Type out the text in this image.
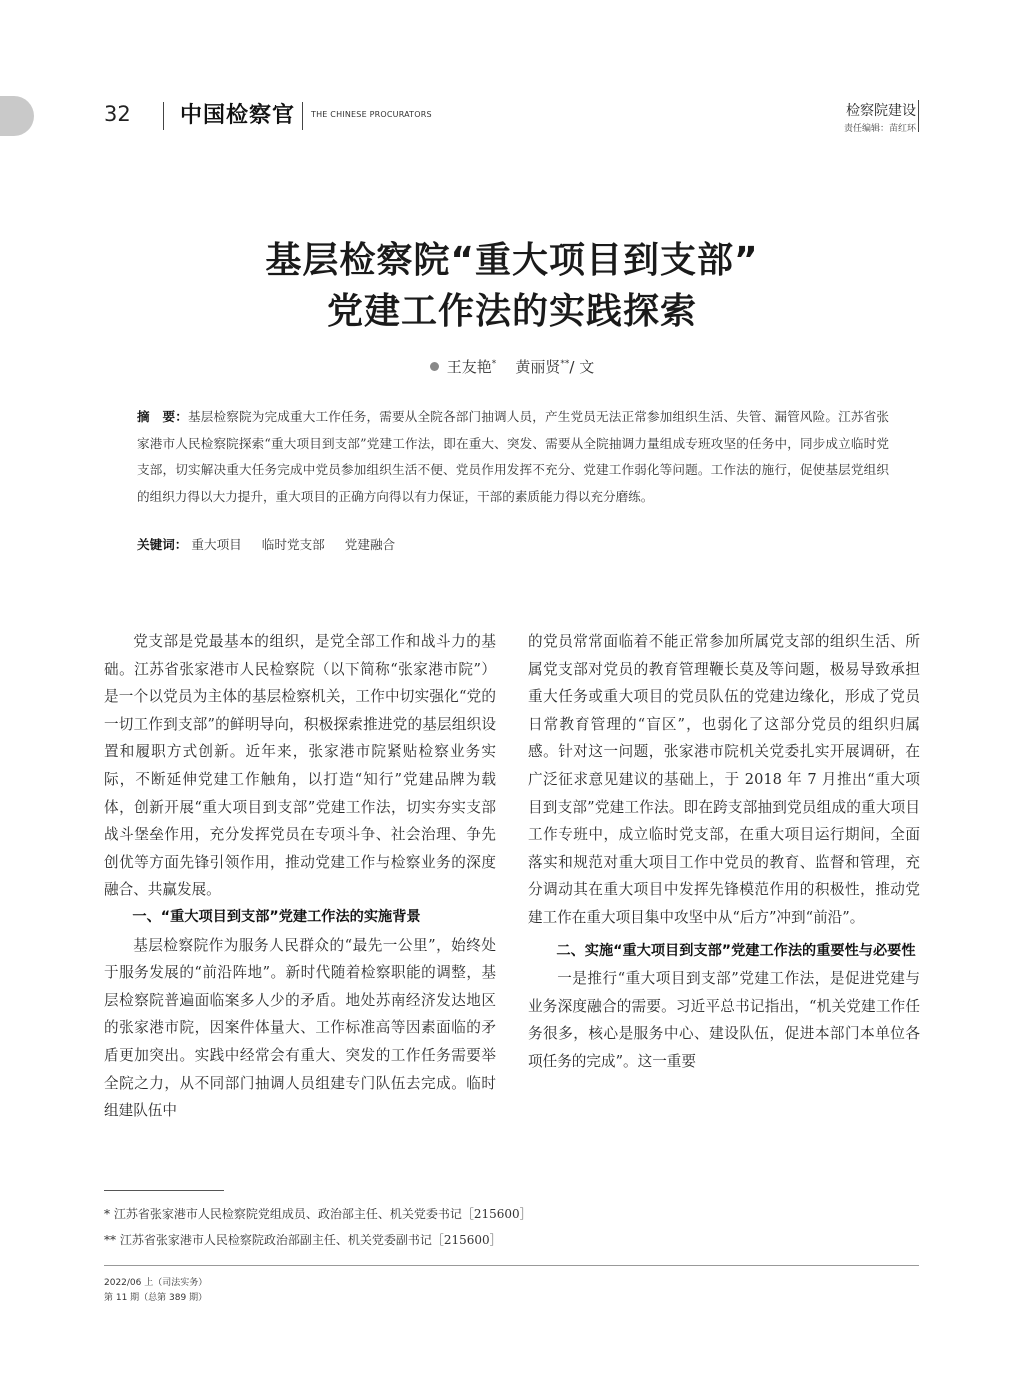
32 中国检察官 THE CHINESE PROCURATORS	检察院建设
责任编辑：苗红环
基层检察院“重大项目到支部”
党建工作法的实践探索
王友艳* 黄丽贤**/ 文
摘　要：基层检察院为完成重大工作任务，需要从全院各部门抽调人员，产生党员无法正常参加组织生活、失管、漏管风险。江苏省张家港市人民检察院探索“重大项目到支部”党建工作法，即在重大、突发、需要从全院抽调力量组成专班攻坚的任务中，同步成立临时党支部，切实解决重大任务完成中党员参加组织生活不便、党员作用发挥不充分、党建工作弱化等问题。工作法的施行，促使基层党组织的组织力得以大力提升，重大项目的正确方向得以有力保证，干部的素质能力得以充分磨练。
关键词： 重大项目 临时党支部 党建融合

党支部是党最基本的组织，是党全部工作和战斗力的基础。江苏省张家港市人民检察院（以下简称“张家港市院”）是一个以党员为主体的基层检察机关，工作中切实强化“党的一切工作到支部”的鲜明导向，积极探索推进党的基层组织设置和履职方式创新。近年来，张家港市院紧贴检察业务实际，不断延伸党建工作触角，以打造“知行”党建品牌为载体，创新开展“重大项目到支部”党建工作法，切实夯实支部战斗堡垒作用，充分发挥党员在专项斗争、社会治理、争先创优等方面先锋引领作用，推动党建工作与检察业务的深度融合、共赢发展。

一、“重大项目到支部”党建工作法的实施背景

基层检察院作为服务人民群众的“最先一公里”，始终处于服务发展的“前沿阵地”。新时代随着检察职能的调整，基层检察院普遍面临案多人少的矛盾。地处苏南经济发达地区的张家港市院，因案件体量大、工作标准高等因素面临的矛盾更加突出。实践中经常会有重大、突发的工作任务需要举全院之力，从不同部门抽调人员组建专门队伍去完成。临时组建队伍中

的党员常常面临着不能正常参加所属党支部的组织生活、所属党支部对党员的教育管理鞭长莫及等问题，极易导致承担重大任务或重大项目的党员队伍的党建边缘化，形成了党员日常教育管理的“盲区”，也弱化了这部分党员的组织归属感。针对这一问题，张家港市院机关党委扎实开展调研，在广泛征求意见建议的基础上，于 2018 年 7 月推出“重大项目到支部”党建工作法。即在跨支部抽到党员组成的重大项目工作专班中，成立临时党支部，在重大项目运行期间，全面落实和规范对重大项目工作中党员的教育、监督和管理，充分调动其在重大项目中发挥先锋模范作用的积极性，推动党建工作在重大项目集中攻坚中从“后方”冲到“前沿”。

二、实施“重大项目到支部”党建工作法的重要性与必要性

一是推行“重大项目到支部”党建工作法，是促进党建与业务深度融合的需要。习近平总书记指出，“机关党建工作任务很多，核心是服务中心、建设队伍，促进本部门本单位各项任务的完成”。这一重要

* 江苏省张家港市人民检察院党组成员、政治部主任、机关党委书记［215600］
** 江苏省张家港市人民检察院政治部副主任、机关党委副书记［215600］
2022/06 上（司法实务）
第 11 期（总第 389 期）
